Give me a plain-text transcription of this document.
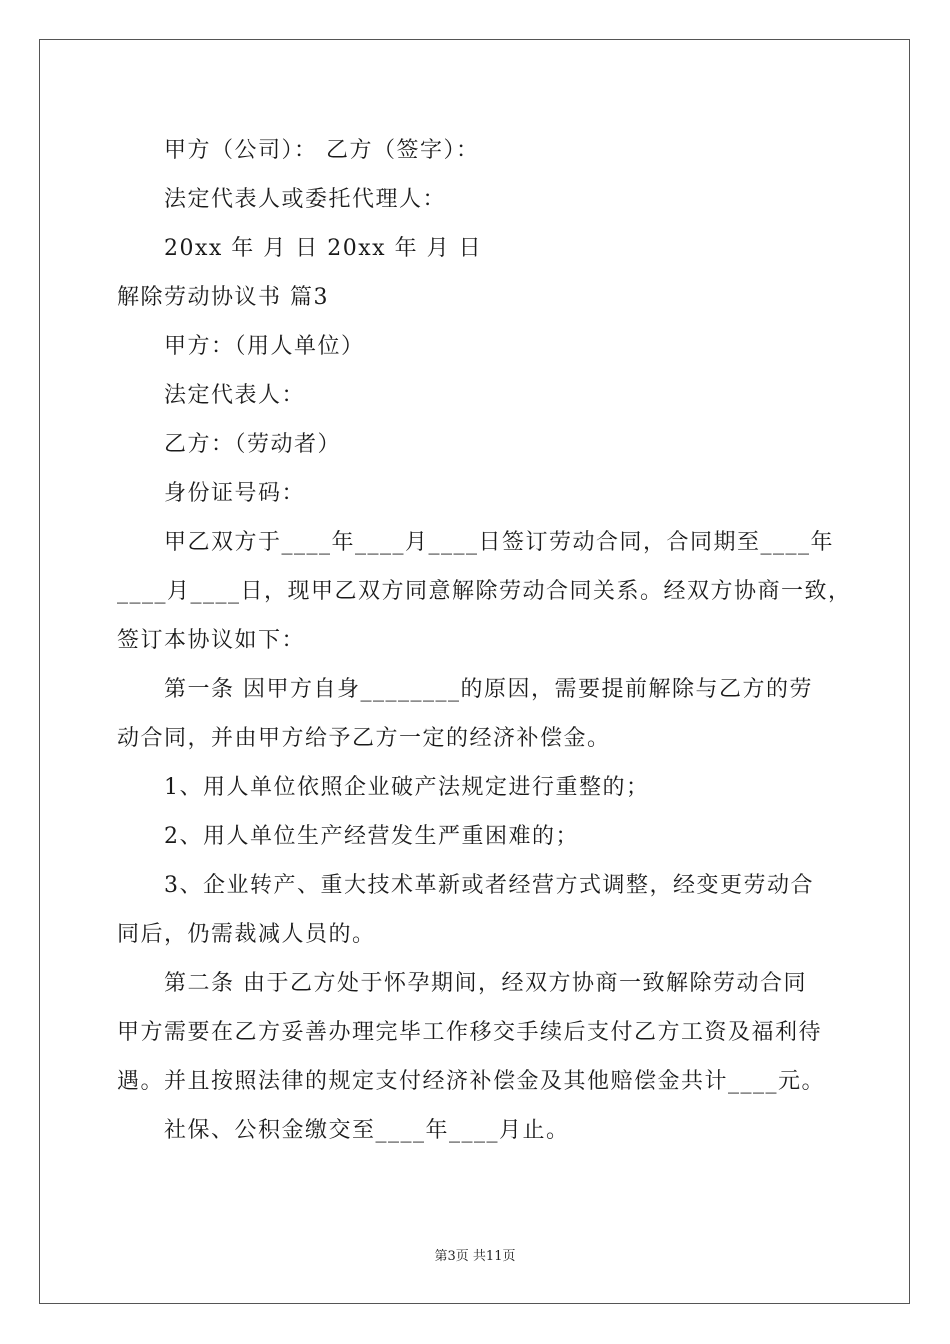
甲方（公司）： 乙方（签字）：
法定代表人或委托代理人：
20xx 年 月 日 20xx 年 月 日
解除劳动协议书 篇3
甲方：（用人单位）
法定代表人：
乙方：（劳动者）
身份证号码：
甲乙双方于____年____月____日签订劳动合同，合同期至____年
____月____日，现甲乙双方同意解除劳动合同关系。经双方协商一致，
签订本协议如下：
第一条 因甲方自身________的原因，需要提前解除与乙方的劳
动合同，并由甲方给予乙方一定的经济补偿金。
1、用人单位依照企业破产法规定进行重整的；
2、用人单位生产经营发生严重困难的；
3、企业转产、重大技术革新或者经营方式调整，经变更劳动合
同后，仍需裁减人员的。
第二条 由于乙方处于怀孕期间，经双方协商一致解除劳动合同
甲方需要在乙方妥善办理完毕工作移交手续后支付乙方工资及福利待
遇。并且按照法律的规定支付经济补偿金及其他赔偿金共计____元。
社保、公积金缴交至____年____月止。
第3页 共11页
